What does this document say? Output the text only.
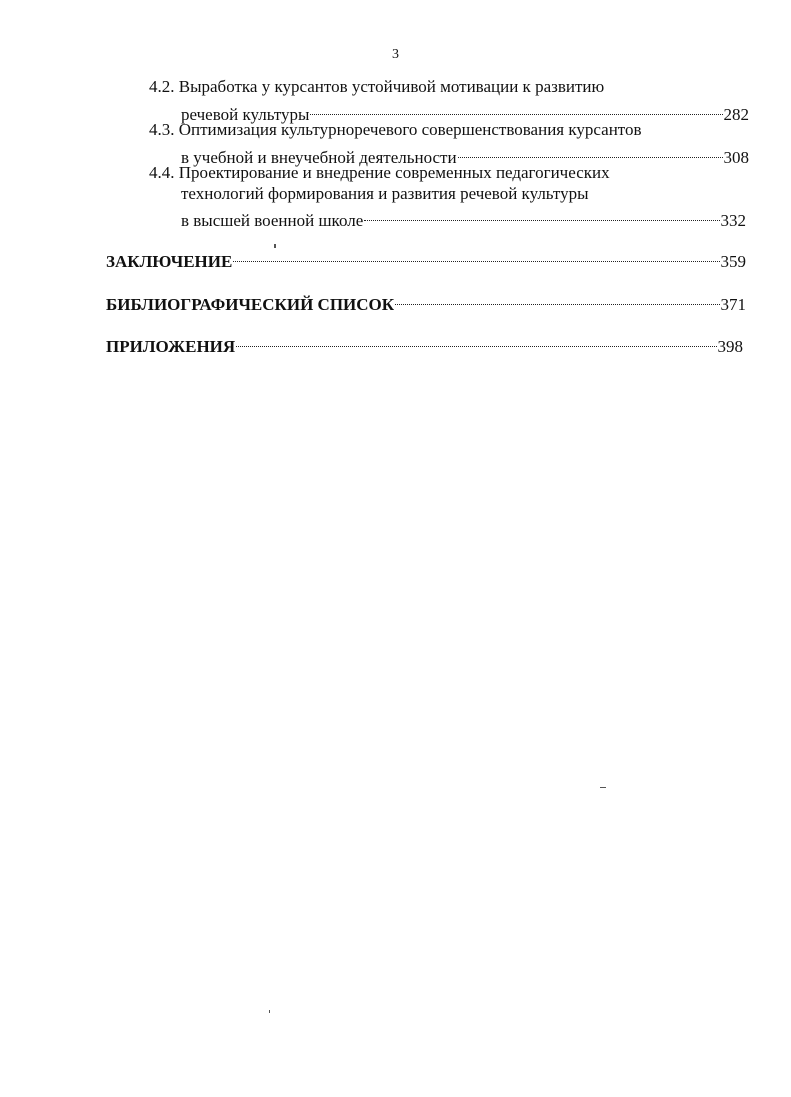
3
4.2. Выработка у курсантов устойчивой мотивации к развитию
речевой культуры	282
4.3. Оптимизация культурноречевого совершенствования курсантов
в учебной и внеучебной деятельности	308
4.4. Проектирование и внедрение современных педагогических
технологий формирования и развития речевой культуры
в высшей военной школе	332
ЗАКЛЮЧЕНИЕ	359
БИБЛИОГРАФИЧЕСКИЙ СПИСОК	371
ПРИЛОЖЕНИЯ	398
